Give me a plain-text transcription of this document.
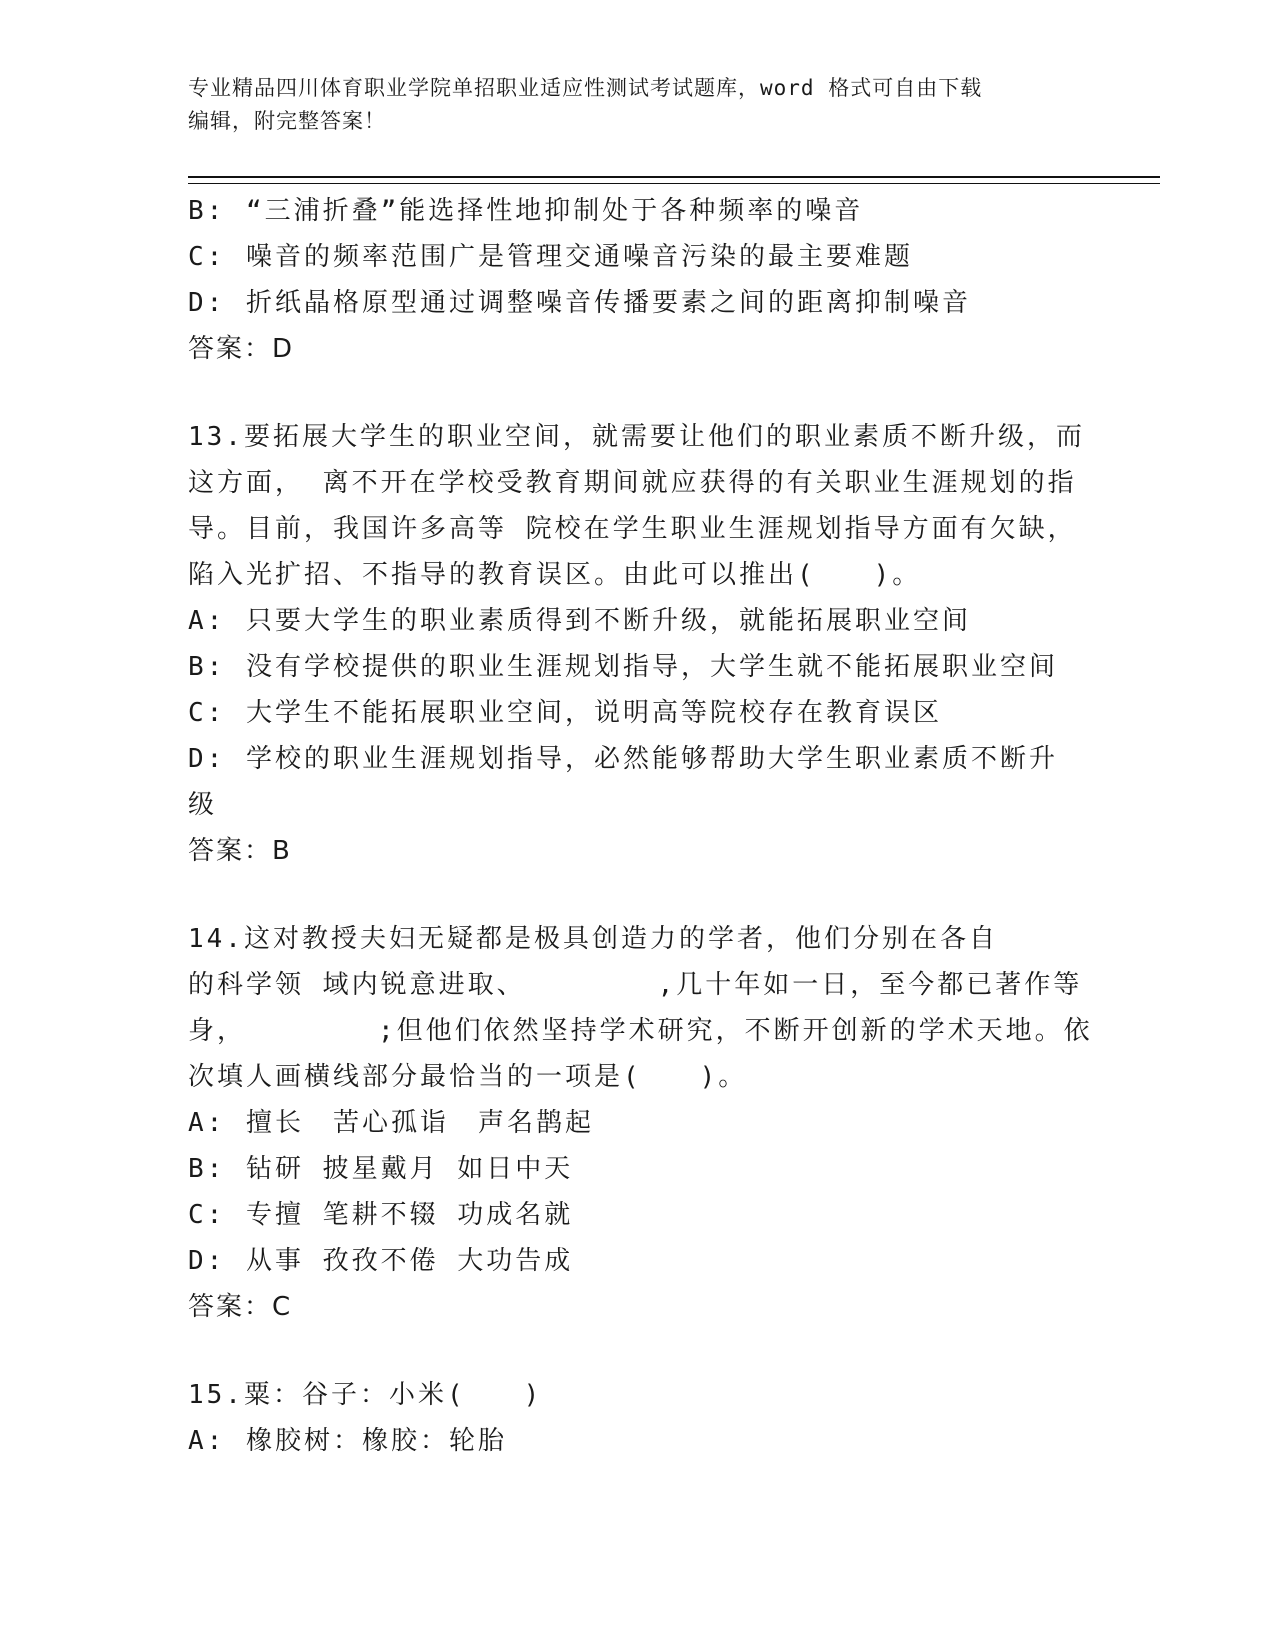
专业精品四川体育职业学院单招职业适应性测试考试题库，word 格式可自由下载
编辑，附完整答案！
B: “三浦折叠”能选择性地抑制处于各种频率的噪音
C: 噪音的频率范围广是管理交通噪音污染的最主要难题
D: 折纸晶格原型通过调整噪音传播要素之间的距离抑制噪音
答案：D
13.要拓展大学生的职业空间，就需要让他们的职业素质不断升级，而
这方面， 离不开在学校受教育期间就应获得的有关职业生涯规划的指
导。目前，我国许多高等 院校在学生职业生涯规划指导方面有欠缺，
陷入光扩招、不指导的教育误区。由此可以推出(　　)。
A: 只要大学生的职业素质得到不断升级，就能拓展职业空间
B: 没有学校提供的职业生涯规划指导，大学生就不能拓展职业空间
C: 大学生不能拓展职业空间，说明高等院校存在教育误区
D: 学校的职业生涯规划指导，必然能够帮助大学生职业素质不断升
级
答案：B
14.这对教授夫妇无疑都是极具创造力的学者，他们分别在各自
的科学领 域内锐意进取、　　　　　,几十年如一日，至今都已著作等
身，　　　　　;但他们依然坚持学术研究，不断开创新的学术天地。依
次填人画横线部分最恰当的一项是(　　)。
A: 擅长　苦心孤诣　声名鹊起
B: 钻研 披星戴月 如日中天
C: 专擅 笔耕不辍 功成名就
D: 从事 孜孜不倦 大功告成
答案：C
15.粟：谷子：小米(　　)
A: 橡胶树：橡胶：轮胎
